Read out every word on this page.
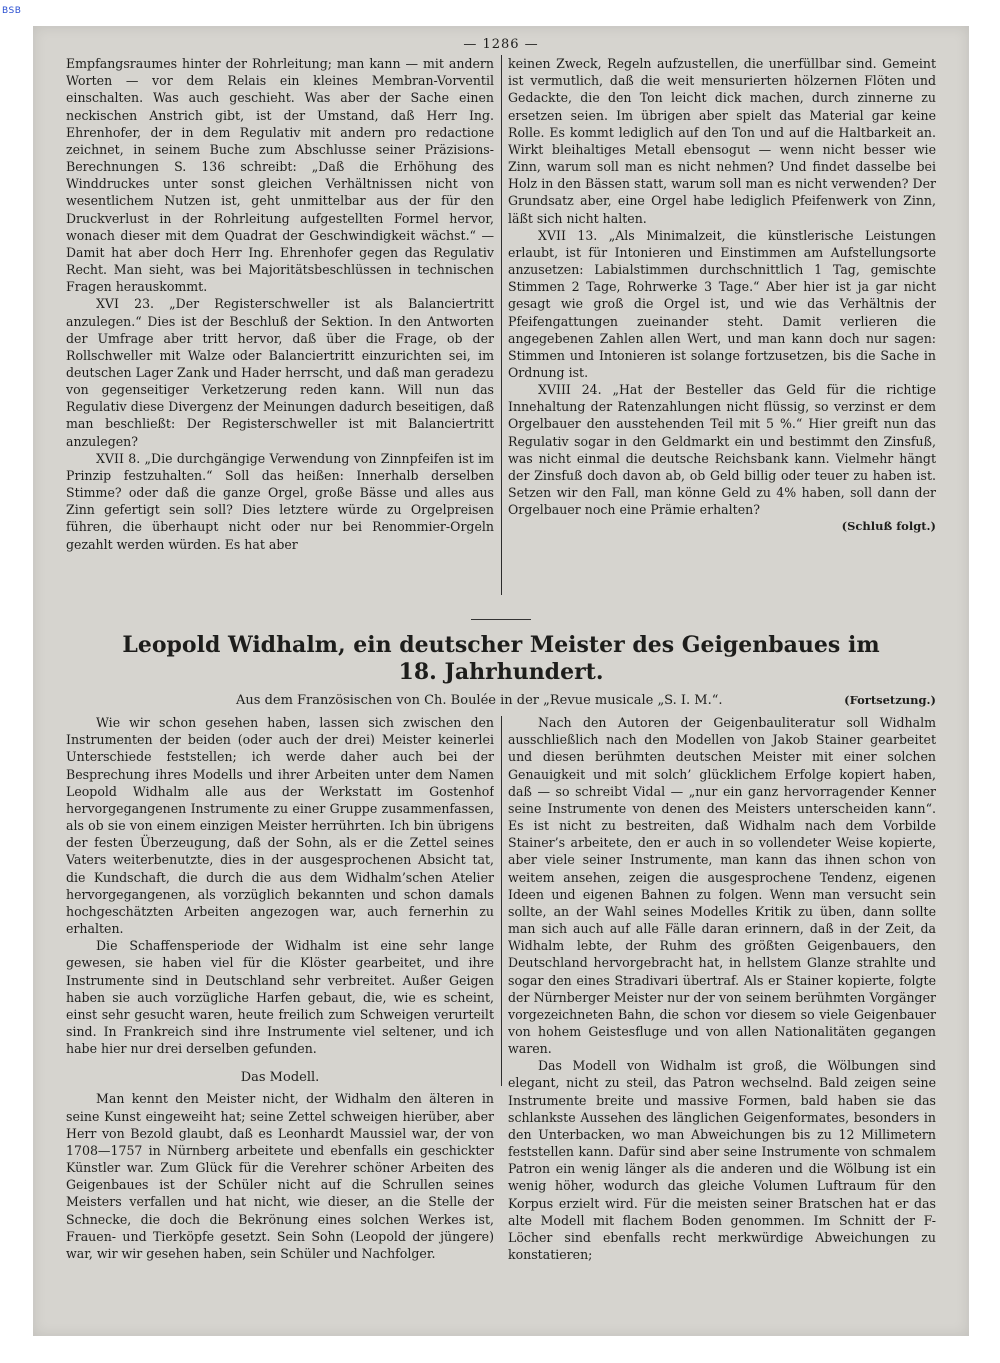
BSB
— 1286 —

Empfangsraumes hinter der Rohrleitung; man kann — mit andern Worten — vor dem Relais ein kleines Membran-Vorventil einschalten. Was auch geschieht. Was aber der Sache einen neckischen Anstrich gibt, ist der Umstand, daß Herr Ing. Ehrenhofer, der in dem Regulativ mit andern pro redactione zeichnet, in seinem Buche zum Abschlusse seiner Präzisions-Berechnungen S. 136 schreibt: „Daß die Erhöhung des Winddruckes unter sonst gleichen Verhältnissen nicht von wesentlichem Nutzen ist, geht unmittelbar aus der für den Druckverlust in der Rohrleitung aufgestellten Formel hervor, wonach dieser mit dem Quadrat der Geschwindigkeit wächst.“ — Damit hat aber doch Herr Ing. Ehrenhofer gegen das Regulativ Recht. Man sieht, was bei Majoritätsbeschlüssen in technischen Fragen herauskommt.

XVI 23. „Der Registerschweller ist als Balanciertritt anzulegen.“ Dies ist der Beschluß der Sektion. In den Antworten der Umfrage aber tritt hervor, daß über die Frage, ob der Rollschweller mit Walze oder Balanciertritt einzurichten sei, im deutschen Lager Zank und Hader herrscht, und daß man geradezu von gegenseitiger Verketzerung reden kann. Will nun das Regulativ diese Divergenz der Meinungen dadurch beseitigen, daß man beschließt: Der Registerschweller ist mit Balanciertritt anzulegen?

XVII 8. „Die durchgängige Verwendung von Zinnpfeifen ist im Prinzip festzuhalten.“ Soll das heißen: Innerhalb derselben Stimme? oder daß die ganze Orgel, große Bässe und alles aus Zinn gefertigt sein soll? Dies letztere würde zu Orgelpreisen führen, die überhaupt nicht oder nur bei Renommier-Orgeln gezahlt werden würden. Es hat aber

keinen Zweck, Regeln aufzustellen, die unerfüllbar sind. Gemeint ist vermutlich, daß die weit mensurierten hölzernen Flöten und Gedackte, die den Ton leicht dick machen, durch zinnerne zu ersetzen seien. Im übrigen aber spielt das Material gar keine Rolle. Es kommt lediglich auf den Ton und auf die Haltbarkeit an. Wirkt bleihaltiges Metall ebensogut — wenn nicht besser wie Zinn, warum soll man es nicht nehmen? Und findet dasselbe bei Holz in den Bässen statt, warum soll man es nicht verwenden? Der Grundsatz aber, eine Orgel habe lediglich Pfeifenwerk von Zinn, läßt sich nicht halten.

XVII 13. „Als Minimalzeit, die künstlerische Leistungen erlaubt, ist für Intonieren und Einstimmen am Aufstellungsorte anzusetzen: Labialstimmen durchschnittlich 1 Tag, gemischte Stimmen 2 Tage, Rohrwerke 3 Tage.“ Aber hier ist ja gar nicht gesagt wie groß die Orgel ist, und wie das Verhältnis der Pfeifengattungen zueinander steht. Damit verlieren die angegebenen Zahlen allen Wert, und man kann doch nur sagen: Stimmen und Intonieren ist solange fortzusetzen, bis die Sache in Ordnung ist.

XVIII 24. „Hat der Besteller das Geld für die richtige Innehaltung der Ratenzahlungen nicht flüssig, so verzinst er dem Orgelbauer den ausstehenden Teil mit 5 %.“ Hier greift nun das Regulativ sogar in den Geldmarkt ein und bestimmt den Zinsfuß, was nicht einmal die deutsche Reichsbank kann. Vielmehr hängt der Zinsfuß doch davon ab, ob Geld billig oder teuer zu haben ist. Setzen wir den Fall, man könne Geld zu 4% haben, soll dann der Orgelbauer noch eine Prämie erhalten?

(Schluß folgt.)
Leopold Widhalm, ein deutscher Meister des Geigenbaues im
18. Jahrhundert.
Aus dem Französischen von Ch. Boulée in der „Revue musicale „S. I. M.“.	(Fortsetzung.)

Wie wir schon gesehen haben, lassen sich zwischen den Instrumenten der beiden (oder auch der drei) Meister keinerlei Unterschiede feststellen; ich werde daher auch bei der Besprechung ihres Modells und ihrer Arbeiten unter dem Namen Leopold Widhalm alle aus der Werkstatt im Gostenhof hervorgegangenen Instrumente zu einer Gruppe zusammenfassen, als ob sie von einem einzigen Meister herrührten. Ich bin übrigens der festen Überzeugung, daß der Sohn, als er die Zettel seines Vaters weiterbenutzte, dies in der ausgesprochenen Absicht tat, die Kundschaft, die durch die aus dem Widhalm’schen Atelier hervorgegangenen, als vorzüglich bekannten und schon damals hochgeschätzten Arbeiten angezogen war, auch fernerhin zu erhalten.

Die Schaffensperiode der Widhalm ist eine sehr lange gewesen, sie haben viel für die Klöster gearbeitet, und ihre Instrumente sind in Deutschland sehr verbreitet. Außer Geigen haben sie auch vorzügliche Harfen gebaut, die, wie es scheint, einst sehr gesucht waren, heute freilich zum Schweigen verurteilt sind. In Frankreich sind ihre Instrumente viel seltener, und ich habe hier nur drei derselben gefunden.

Das Modell.

Man kennt den Meister nicht, der Widhalm den älteren in seine Kunst eingeweiht hat; seine Zettel schweigen hierüber, aber Herr von Bezold glaubt, daß es Leonhardt Maussiel war, der von 1708—1757 in Nürnberg arbeitete und ebenfalls ein geschickter Künstler war. Zum Glück für die Verehrer schöner Arbeiten des Geigenbaues ist der Schüler nicht auf die Schrullen seines Meisters verfallen und hat nicht, wie dieser, an die Stelle der Schnecke, die doch die Bekrönung eines solchen Werkes ist, Frauen- und Tierköpfe gesetzt. Sein Sohn (Leopold der jüngere) war, wir wir gesehen haben, sein Schüler und Nachfolger.

Nach den Autoren der Geigenbauliteratur soll Widhalm ausschließlich nach den Modellen von Jakob Stainer gearbeitet und diesen berühmten deutschen Meister mit einer solchen Genauigkeit und mit solch’ glücklichem Erfolge kopiert haben, daß — so schreibt Vidal — „nur ein ganz hervorragender Kenner seine Instrumente von denen des Meisters unterscheiden kann“. Es ist nicht zu bestreiten, daß Widhalm nach dem Vorbilde Stainer’s arbeitete, den er auch in so vollendeter Weise kopierte, aber viele seiner Instrumente, man kann das ihnen schon von weitem ansehen, zeigen die ausgesprochene Tendenz, eigenen Ideen und eigenen Bahnen zu folgen. Wenn man versucht sein sollte, an der Wahl seines Modelles Kritik zu üben, dann sollte man sich auch auf alle Fälle daran erinnern, daß in der Zeit, da Widhalm lebte, der Ruhm des größten Geigenbauers, den Deutschland hervorgebracht hat, in hellstem Glanze strahlte und sogar den eines Stradivari übertraf. Als er Stainer kopierte, folgte der Nürnberger Meister nur der von seinem berühmten Vorgänger vorgezeichneten Bahn, die schon vor diesem so viele Geigenbauer von hohem Geistesfluge und von allen Nationalitäten gegangen waren.

Das Modell von Widhalm ist groß, die Wölbungen sind elegant, nicht zu steil, das Patron wechselnd. Bald zeigen seine Instrumente breite und massive Formen, bald haben sie das schlankste Aussehen des länglichen Geigenformates, besonders in den Unterbacken, wo man Abweichungen bis zu 12 Millimetern feststellen kann. Dafür sind aber seine Instrumente von schmalem Patron ein wenig länger als die anderen und die Wölbung ist ein wenig höher, wodurch das gleiche Volumen Luftraum für den Korpus erzielt wird. Für die meisten seiner Bratschen hat er das alte Modell mit flachem Boden genommen. Im Schnitt der F-Löcher sind ebenfalls recht merkwürdige Abweichungen zu konstatieren;
